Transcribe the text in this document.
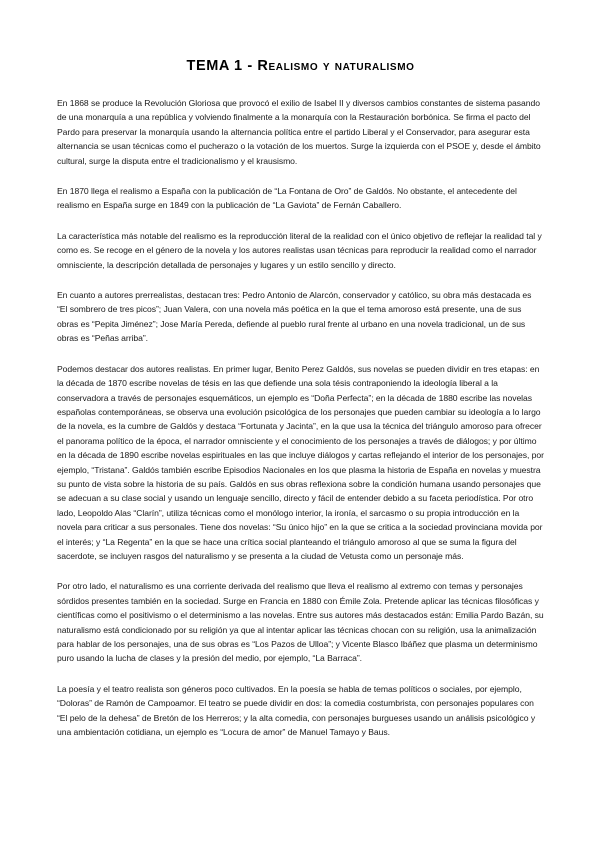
TEMA 1 - Realismo y naturalismo

En 1868 se produce la Revolución Gloriosa que provocó el exilio de Isabel II y diversos cambios constantes de sistema pasando de una monarquía a una república y volviendo finalmente a la monarquía con la Restauración borbónica. Se firma el pacto del Pardo para preservar la monarquía usando la alternancia política entre el partido Liberal y el Conservador, para asegurar esta alternancia se usan técnicas como el pucherazo o la votación de los muertos. Surge la izquierda con el PSOE y, desde el ámbito cultural, surge la disputa entre el tradicionalismo y el krausismo.

En 1870 llega el realismo a España con la publicación de “La Fontana de Oro” de Galdós. No obstante, el antecedente del realismo en España surge en 1849 con la publicación de “La Gaviota” de Fernán Caballero.

La característica más notable del realismo es la reproducción literal de la realidad con el único objetivo de reflejar la realidad tal y como es. Se recoge en el género de la novela y los autores realistas usan técnicas para reproducir la realidad como el narrador omnisciente, la descripción detallada de personajes y lugares y un estilo sencillo y directo.

En cuanto a autores prerrealistas, destacan tres: Pedro Antonio de Alarcón, conservador y católico, su obra más destacada es “El sombrero de tres picos”; Juan Valera, con una novela más poética en la que el tema amoroso está presente, una de sus obras es “Pepita Jiménez”; Jose María Pereda, defiende al pueblo rural frente al urbano en una novela tradicional, un de sus obras es “Peñas arriba”.

Podemos destacar dos autores realistas. En primer lugar, Benito Perez Galdós, sus novelas se pueden dividir en tres etapas: en la década de 1870 escribe novelas de tésis en las que defiende una sola tésis contraponiendo la ideología liberal a la conservadora a través de personajes esquemáticos, un ejemplo es “Doña Perfecta”; en la década de 1880 escribe las novelas españolas contemporáneas, se observa una evolución psicológica de los personajes que pueden cambiar su ideología a lo largo de la novela, es la cumbre de Galdós y destaca “Fortunata y Jacinta”, en la que usa la técnica del triángulo amoroso para ofrecer el panorama político de la época, el narrador omnisciente y el conocimiento de los personajes a través de diálogos; y por último en la década de 1890 escribe novelas espirituales en las que incluye diálogos y cartas reflejando el interior de los personajes, por ejemplo, “Tristana”. Galdós también escribe Episodios Nacionales en los que plasma la historia de España en novelas y muestra su punto de vista sobre la historia de su país. Galdós en sus obras reflexiona sobre la condición humana usando personajes que se adecuan a su clase social y usando un lenguaje sencillo, directo y fácil de entender debido a su faceta periodística. Por otro lado, Leopoldo Alas “Clarín”, utiliza técnicas como el monólogo interior, la ironía, el sarcasmo o su propia introducción en la novela para criticar a sus personales. Tiene dos novelas: “Su único hijo” en la que se critica a la sociedad provinciana movida por el interés; y “La Regenta” en la que se hace una crítica social planteando el triángulo amoroso al que se suma la figura del sacerdote, se incluyen rasgos del naturalismo y se presenta a la ciudad de Vetusta como un personaje más.

Por otro lado, el naturalismo es una corriente derivada del realismo que lleva el realismo al extremo con temas y personajes sórdidos presentes también en la sociedad. Surge en Francia en 1880 con Émile Zola. Pretende aplicar las técnicas filosóficas y científicas como el positivismo o el determinismo a las novelas. Entre sus autores más destacados están: Emilia Pardo Bazán, su naturalismo está condicionado por su religión ya que al intentar aplicar las técnicas chocan con su religión, usa la animalización para hablar de los personajes, una de sus obras es “Los Pazos de Ulloa”; y Vicente Blasco Ibáñez que plasma un determinismo puro usando la lucha de clases y la presión del medio, por ejemplo, “La Barraca”.

La poesía y el teatro realista son géneros poco cultivados. En la poesía se habla de temas políticos o sociales, por ejemplo, “Doloras” de Ramón de Campoamor. El teatro se puede dividir en dos: la comedia costumbrista, con personajes populares con “El pelo de la dehesa” de Bretón de los Herreros; y la alta comedia, con personajes burgueses usando un análisis psicológico y una ambientación cotidiana, un ejemplo es “Locura de amor” de Manuel Tamayo y Baus.
